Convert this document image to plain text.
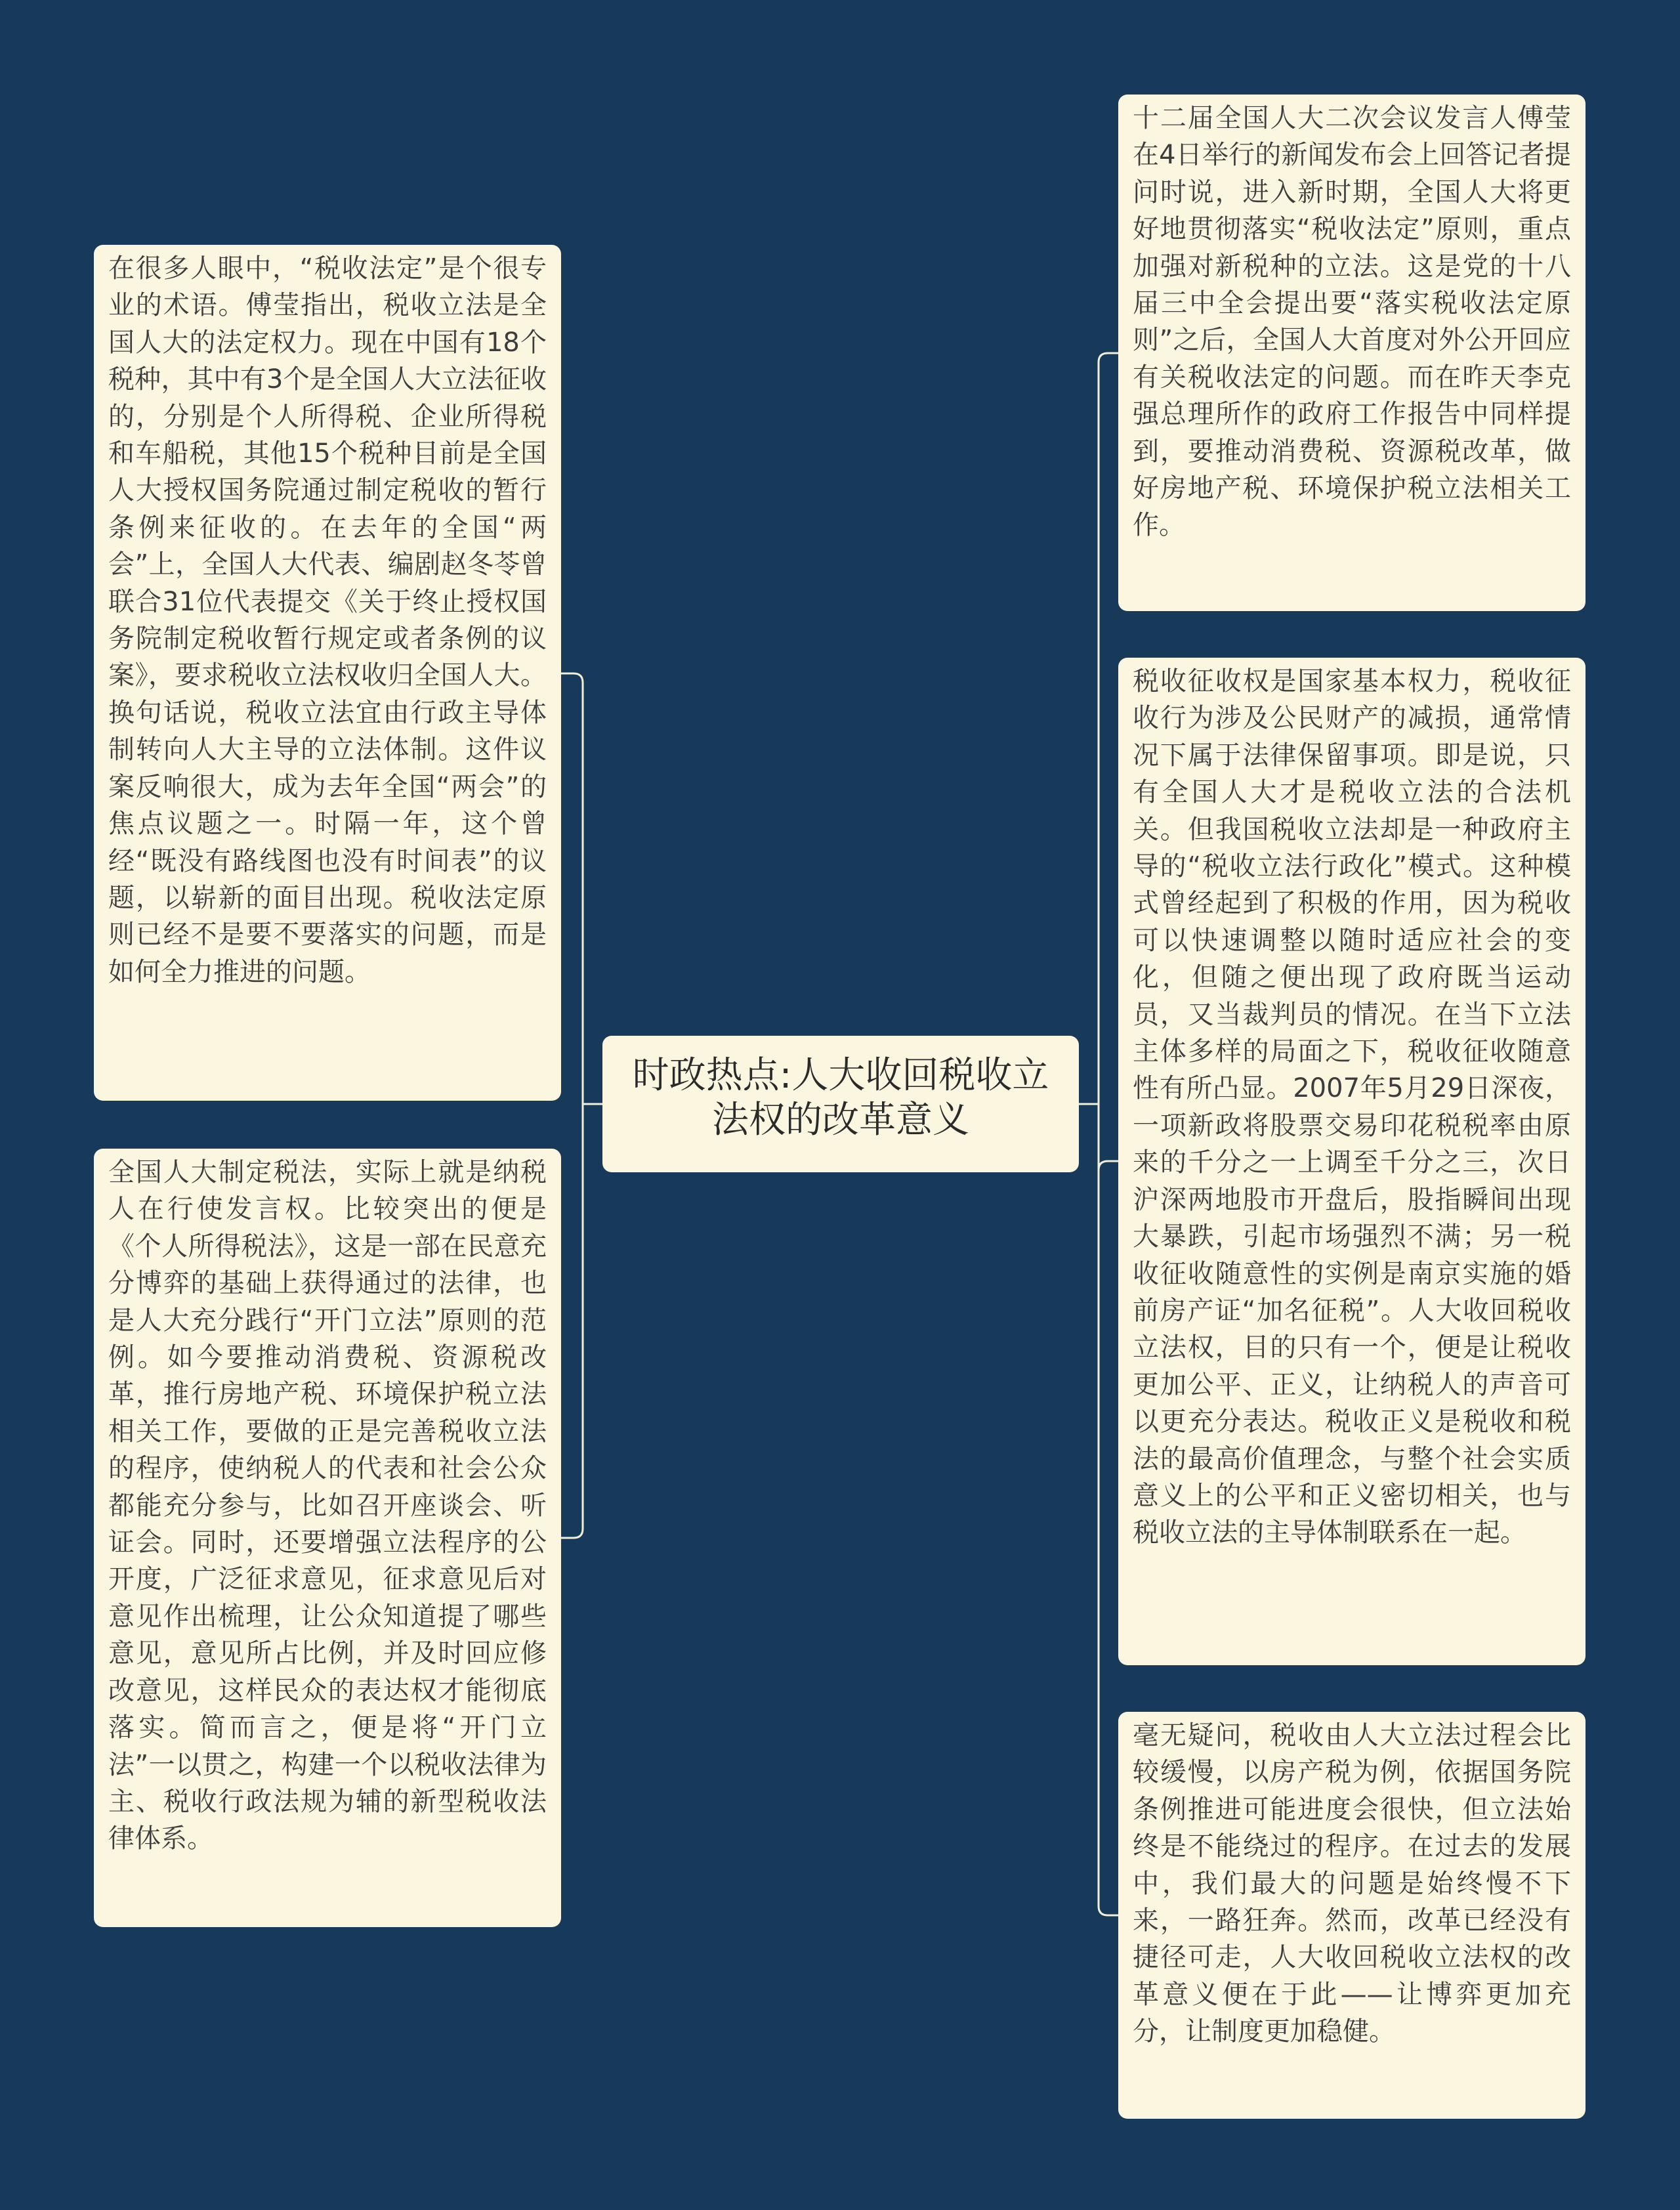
时政热点:人大收回税收立法权的改革意义
在很多人眼中，“税收法定”是个很专业的术语。傅莹指出，税收立法是全国人大的法定权力。现在中国有18个税种，其中有3个是全国人大立法征收的，分别是个人所得税、企业所得税和车船税，其他15个税种目前是全国人大授权国务院通过制定税收的暂行条例来征收的。在去年的全国“两会”上，全国人大代表、编剧赵冬苓曾联合31位代表提交《关于终止授权国务院制定税收暂行规定或者条例的议案》，要求税收立法权收归全国人大。换句话说，税收立法宜由行政主导体制转向人大主导的立法体制。这件议案反响很大，成为去年全国“两会”的焦点议题之一。时隔一年，这个曾经“既没有路线图也没有时间表”的议题，以崭新的面目出现。税收法定原则已经不是要不要落实的问题，而是如何全力推进的问题。
全国人大制定税法，实际上就是纳税人在行使发言权。比较突出的便是《个人所得税法》，这是一部在民意充分博弈的基础上获得通过的法律，也是人大充分践行“开门立法”原则的范例。如今要推动消费税、资源税改革，推行房地产税、环境保护税立法相关工作，要做的正是完善税收立法的程序，使纳税人的代表和社会公众都能充分参与，比如召开座谈会、听证会。同时，还要增强立法程序的公开度，广泛征求意见，征求意见后对意见作出梳理，让公众知道提了哪些意见，意见所占比例，并及时回应修改意见，这样民众的表达权才能彻底落实。简而言之，便是将“开门立法”一以贯之，构建一个以税收法律为主、税收行政法规为辅的新型税收法律体系。
十二届全国人大二次会议发言人傅莹在4日举行的新闻发布会上回答记者提问时说，进入新时期，全国人大将更好地贯彻落实“税收法定”原则，重点加强对新税种的立法。这是党的十八届三中全会提出要“落实税收法定原则”之后，全国人大首度对外公开回应有关税收法定的问题。而在昨天李克强总理所作的政府工作报告中同样提到，要推动消费税、资源税改革，做好房地产税、环境保护税立法相关工作。
税收征收权是国家基本权力，税收征收行为涉及公民财产的减损，通常情况下属于法律保留事项。即是说，只有全国人大才是税收立法的合法机关。但我国税收立法却是一种政府主导的“税收立法行政化”模式。这种模式曾经起到了积极的作用，因为税收可以快速调整以随时适应社会的变化，但随之便出现了政府既当运动员，又当裁判员的情况。在当下立法主体多样的局面之下，税收征收随意性有所凸显。2007年5月29日深夜，一项新政将股票交易印花税税率由原来的千分之一上调至千分之三，次日沪深两地股市开盘后，股指瞬间出现大暴跌，引起市场强烈不满；另一税收征收随意性的实例是南京实施的婚前房产证“加名征税”。人大收回税收立法权，目的只有一个，便是让税收更加公平、正义，让纳税人的声音可以更充分表达。税收正义是税收和税法的最高价值理念，与整个社会实质意义上的公平和正义密切相关，也与税收立法的主导体制联系在一起。
毫无疑问，税收由人大立法过程会比较缓慢，以房产税为例，依据国务院条例推进可能进度会很快，但立法始终是不能绕过的程序。在过去的发展中，我们最大的问题是始终慢不下来，一路狂奔。然而，改革已经没有捷径可走，人大收回税收立法权的改革意义便在于此——让博弈更加充分，让制度更加稳健。
